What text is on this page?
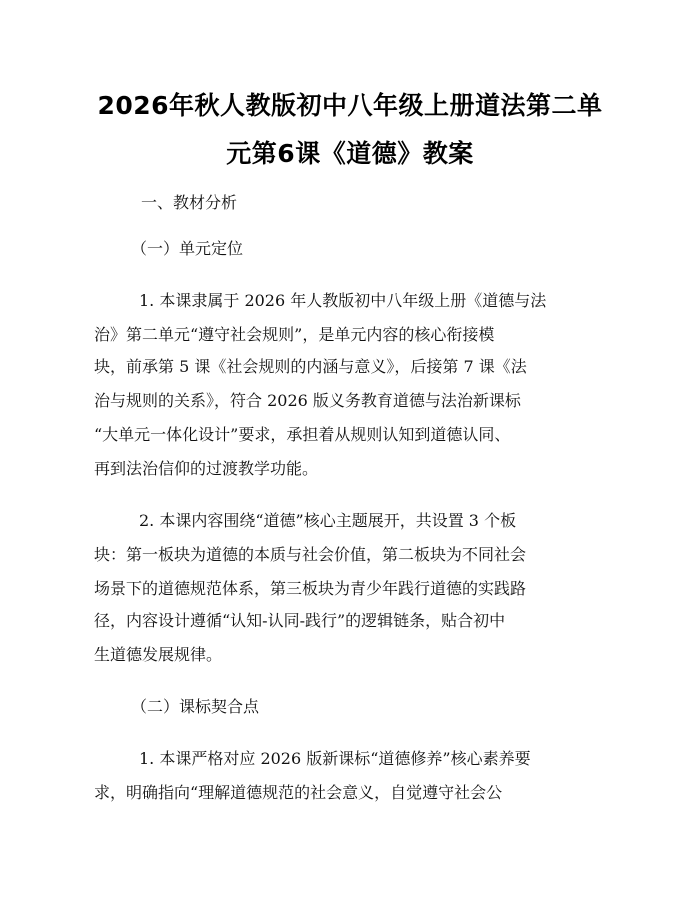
2026年秋人教版初中八年级上册道法第二单元第6课《道德》教案
一、教材分析
（一）单元定位
1. 本课隶属于 2026 年人教版初中八年级上册《道德与法
治》第二单元“遵守社会规则”，是单元内容的核心衔接模
块，前承第 5 课《社会规则的内涵与意义》，后接第 7 课《法
治与规则的关系》，符合 2026 版义务教育道德与法治新课标
“大单元一体化设计”要求，承担着从规则认知到道德认同、
再到法治信仰的过渡教学功能。
2. 本课内容围绕“道德”核心主题展开，共设置 3 个板
块：第一板块为道德的本质与社会价值，第二板块为不同社会
场景下的道德规范体系，第三板块为青少年践行道德的实践路
径，内容设计遵循“认知-认同-践行”的逻辑链条，贴合初中
生道德发展规律。
（二）课标契合点
1. 本课严格对应 2026 版新课标“道德修养”核心素养要
求，明确指向“理解道德规范的社会意义，自觉遵守社会公
